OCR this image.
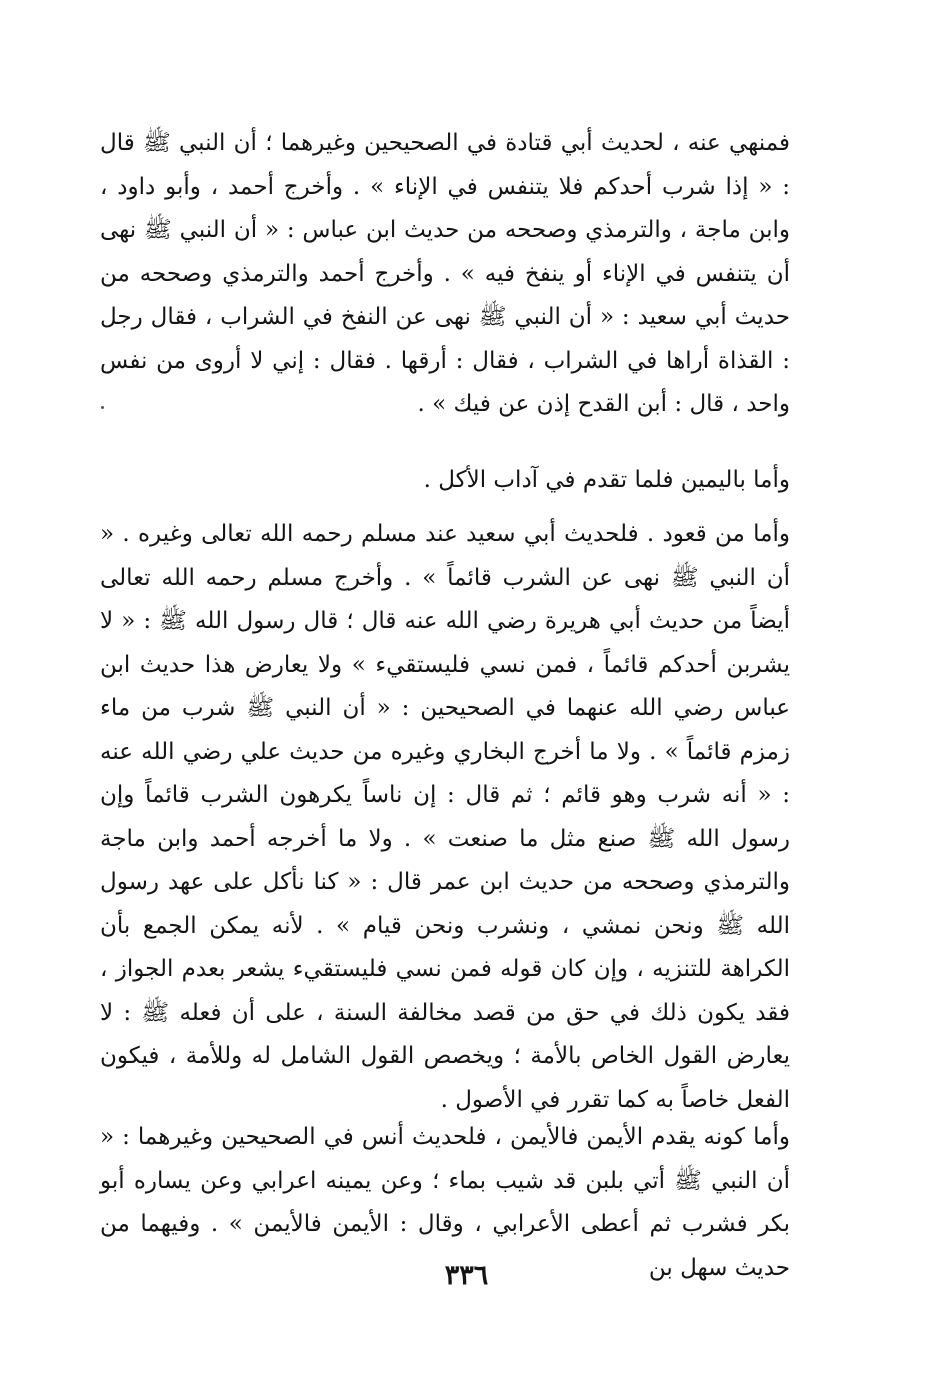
فمنهي عنه ، لحديث أبي قتادة في الصحيحين وغيرهما ؛ أن النبي ﷺ قال : « إذا شرب أحدكم فلا يتنفس في الإناء » . وأخرج أحمد ، وأبو داود ، وابن ماجة ، والترمذي وصححه من حديث ابن عباس : « أن النبي ﷺ نهى أن يتنفس في الإناء أو ينفخ فيه » . وأخرج أحمد والترمذي وصححه من حديث أبي سعيد : « أن النبي ﷺ نهى عن النفخ في الشراب ، فقال رجل : القذاة أراها في الشراب ، فقال : أرقها . فقال : إني لا أروى من نفس واحد ، قال : أبن القدح إذن عن فيك » .

وأما باليمين فلما تقدم في آداب الأكل .

وأما من قعود . فلحديث أبي سعيد عند مسلم رحمه الله تعالى وغيره . « أن النبي ﷺ نهى عن الشرب قائماً » . وأخرج مسلم رحمه الله تعالى أيضاً من حديث أبي هريرة رضي الله عنه قال ؛ قال رسول الله ﷺ : « لا يشربن أحدكم قائماً ، فمن نسي فليستقيء » ولا يعارض هذا حديث ابن عباس رضي الله عنهما في الصحيحين : « أن النبي ﷺ شرب من ماء زمزم قائماً » . ولا ما أخرج البخاري وغيره من حديث علي رضي الله عنه : « أنه شرب وهو قائم ؛ ثم قال : إن ناساً يكرهون الشرب قائماً وإن رسول الله ﷺ صنع مثل ما صنعت » . ولا ما أخرجه أحمد وابن ماجة والترمذي وصححه من حديث ابن عمر قال : « كنا نأكل على عهد رسول الله ﷺ ونحن نمشي ، ونشرب ونحن قيام » . لأنه يمكن الجمع بأن الكراهة للتنزيه ، وإن كان قوله فمن نسي فليستقيء يشعر بعدم الجواز ، فقد يكون ذلك في حق من قصد مخالفة السنة ، على أن فعله ﷺ : لا يعارض القول الخاص بالأمة ؛ ويخصص القول الشامل له وللأمة ، فيكون الفعل خاصاً به كما تقرر في الأصول .

وأما كونه يقدم الأيمن فالأيمن ، فلحديث أنس في الصحيحين وغيرهما : « أن النبي ﷺ أتي بلبن قد شيب بماء ؛ وعن يمينه اعرابي وعن يساره أبو بكر فشرب ثم أعطى الأعرابي ، وقال : الأيمن فالأيمن » . وفيهما من حديث سهل بن

٣٣٦
